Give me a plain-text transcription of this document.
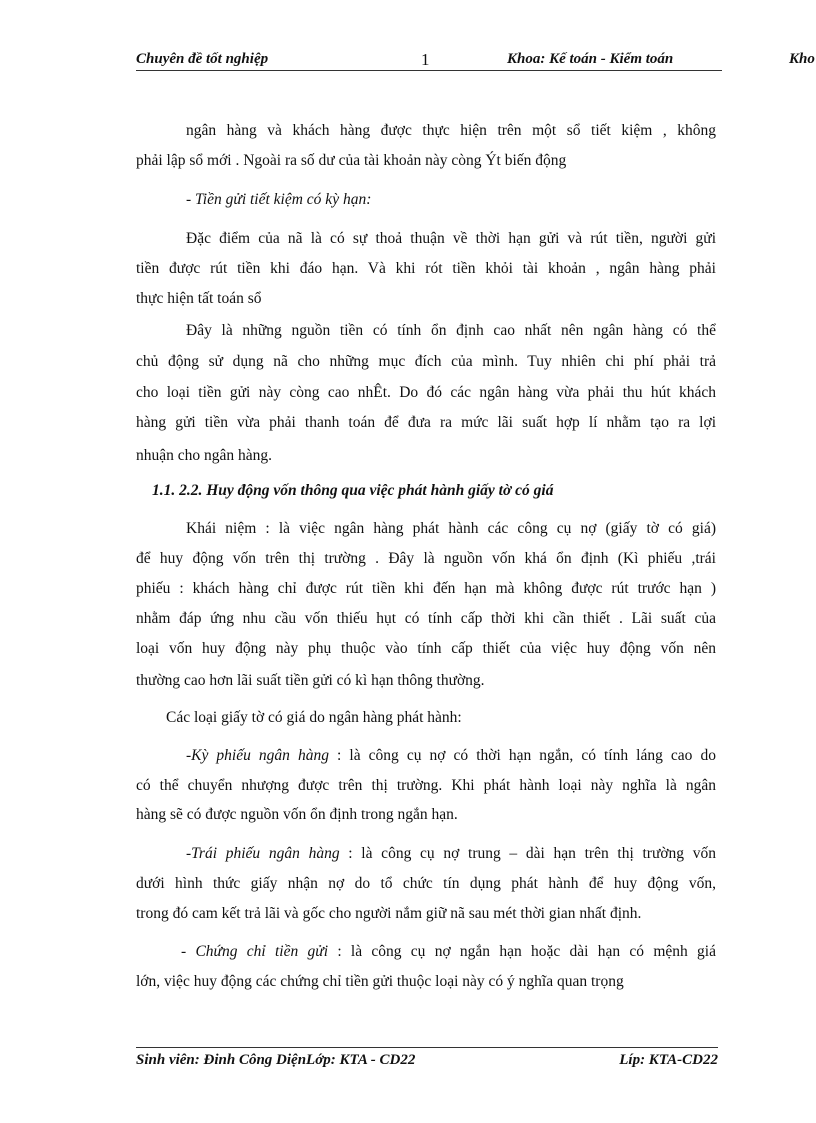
Chuyên đề tốt nghiệp	1	Khoa: Kế toán - Kiểm toán	Kho
ngân hàng và khách hàng được thực hiện trên một sổ tiết kiệm , không
phải lập sổ mới . Ngoài ra số dư của tài khoản này còng Ýt biến động
- Tiền gửi tiết kiệm có kỳ hạn:
Đặc điểm của nã là có sự thoả thuận về thời hạn gửi và rút tiền, người gửi
tiền được rút tiền khi đáo hạn. Và khi rót tiền khỏi tài khoản , ngân hàng phải
thực hiện tất toán sổ
Đây là những nguồn tiền có tính ổn định cao nhất nên ngân hàng có thể
chủ động sử dụng nã cho những mục đích của mình. Tuy nhiên chi phí phải trả
cho loại tiền gửi này còng cao nhÊt. Do đó các ngân hàng vừa phải thu hút khách
hàng gửi tiền vừa phải thanh toán để đưa ra mức lãi suất hợp lí nhằm tạo ra lợi
nhuận cho ngân hàng.
1.1. 2.2. Huy động vốn thông qua việc phát hành giấy tờ có giá
Khái niệm : là việc ngân hàng phát hành các công cụ nợ (giấy tờ có giá)
để huy động vốn trên thị trường . Đây là nguồn vốn khá ổn định (Kì phiếu ,trái
phiếu : khách hàng chỉ được rút tiền khi đến hạn mà không được rút trước hạn )
nhằm đáp ứng nhu cầu vốn thiếu hụt có tính cấp thời khi cần thiết . Lãi suất của
loại vốn huy động này phụ thuộc vào tính cấp thiết của việc huy động vốn nên
thường cao hơn lãi suất tiền gửi có kì hạn thông thường.
Các loại giấy tờ có giá do ngân hàng phát hành:
-Kỳ phiếu ngân hàng : là công cụ nợ có thời hạn ngắn, có tính láng cao do
có thể chuyển nhượng được trên thị trường. Khi phát hành loại này nghĩa là ngân
hàng sẽ có được nguồn vốn ổn định trong ngắn hạn.
-Trái phiếu ngân hàng : là công cụ nợ trung – dài hạn trên thị trường vốn
dưới hình thức giấy nhận nợ do tổ chức tín dụng phát hành để huy động vốn,
trong đó cam kết trả lãi và gốc cho người nắm giữ nã sau mét thời gian nhất định.
- Chứng chỉ tiền gửi : là công cụ nợ ngắn hạn hoặc dài hạn có mệnh giá
lớn, việc huy động các chứng chỉ tiền gửi thuộc loại này có ý nghĩa quan trọng
Sinh viên: Đinh Công DiệnLớp: KTA - CD22	Líp: KTA-CD22
